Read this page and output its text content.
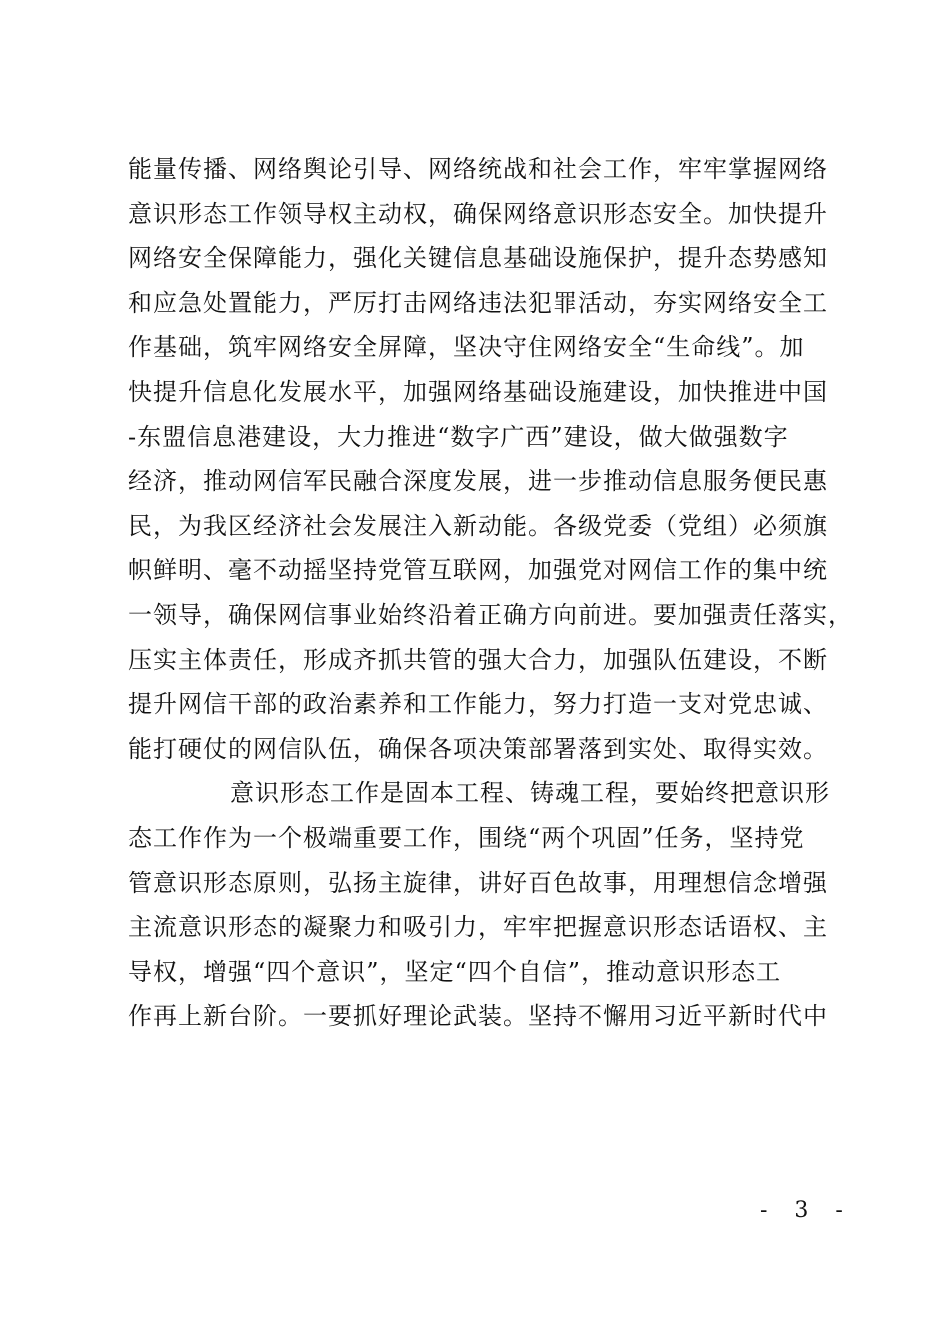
能量传播、网络舆论引导、网络统战和社会工作，牢牢掌握网络
意识形态工作领导权主动权，确保网络意识形态安全。加快提升
网络安全保障能力，强化关键信息基础设施保护，提升态势感知
和应急处置能力，严厉打击网络违法犯罪活动，夯实网络安全工
作基础，筑牢网络安全屏障，坚决守住网络安全“生命线”。加
快提升信息化发展水平，加强网络基础设施建设，加快推进中国
-东盟信息港建设，大力推进“数字广西”建设，做大做强数字
经济，推动网信军民融合深度发展，进一步推动信息服务便民惠
民，为我区经济社会发展注入新动能。各级党委（党组）必须旗
帜鲜明、毫不动摇坚持党管互联网，加强党对网信工作的集中统
一领导，确保网信事业始终沿着正确方向前进。要加强责任落实，
压实主体责任，形成齐抓共管的强大合力，加强队伍建设，不断
提升网信干部的政治素养和工作能力，努力打造一支对党忠诚、
能打硬仗的网信队伍，确保各项决策部署落到实处、取得实效。
意识形态工作是固本工程、铸魂工程，要始终把意识形
态工作作为一个极端重要工作，围绕“两个巩固”任务，坚持党
管意识形态原则，弘扬主旋律，讲好百色故事，用理想信念增强
主流意识形态的凝聚力和吸引力，牢牢把握意识形态话语权、主
导权，增强“四个意识”，坚定“四个自信”，推动意识形态工
作再上新台阶。一要抓好理论武装。坚持不懈用习近平新时代中
- 3 -
